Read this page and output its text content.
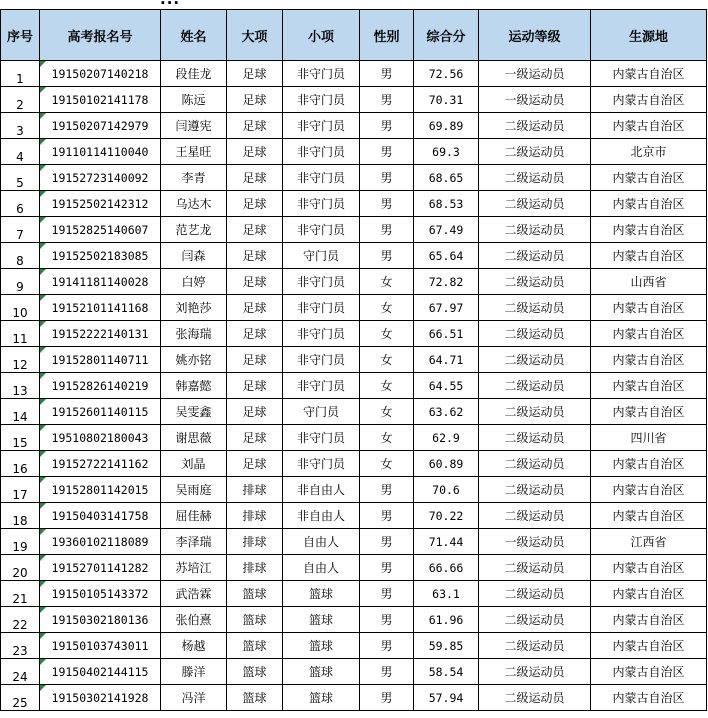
序号	高考报名号	姓名	大项	小项	性别	综合分	运动等级	生源地
1	19150207140218	段佳龙	足球	非守门员	男	72.56	一级运动员	内蒙古自治区
2	19150102141178	陈远	足球	非守门员	男	70.31	一级运动员	内蒙古自治区
3	19150207142979	闫遵宪	足球	非守门员	男	69.89	二级运动员	内蒙古自治区
4	19110114110040	王星旺	足球	非守门员	男	69.3	二级运动员	北京市
5	19152723140092	李青	足球	非守门员	男	68.65	二级运动员	内蒙古自治区
6	19152502142312	乌达木	足球	非守门员	男	68.53	二级运动员	内蒙古自治区
7	19152825140607	范艺龙	足球	非守门员	男	67.49	二级运动员	内蒙古自治区
8	19152502183085	闫森	足球	守门员	男	65.64	二级运动员	内蒙古自治区
9	19141181140028	白婷	足球	非守门员	女	72.82	二级运动员	山西省
10	19152101141168	刘艳莎	足球	非守门员	女	67.97	二级运动员	内蒙古自治区
11	19152222140131	张海瑞	足球	非守门员	女	66.51	二级运动员	内蒙古自治区
12	19152801140711	姚亦铭	足球	非守门员	女	64.71	二级运动员	内蒙古自治区
13	19152826140219	韩嘉懿	足球	非守门员	女	64.55	二级运动员	内蒙古自治区
14	19152601140115	吴雯鑫	足球	守门员	女	63.62	二级运动员	内蒙古自治区
15	19510802180043	谢思薇	足球	非守门员	女	62.9	二级运动员	四川省
16	19152722141162	刘晶	足球	非守门员	女	60.89	二级运动员	内蒙古自治区
17	19152801142015	吴雨庭	排球	非自由人	男	70.6	二级运动员	内蒙古自治区
18	19150403141758	屈佳赫	排球	非自由人	男	70.22	二级运动员	内蒙古自治区
19	19360102118089	李泽瑞	排球	自由人	男	71.44	一级运动员	江西省
20	19152701141282	苏培江	排球	自由人	男	66.66	二级运动员	内蒙古自治区
21	19150105143372	武浩霖	篮球	篮球	男	63.1	二级运动员	内蒙古自治区
22	19150302180136	张伯熹	篮球	篮球	男	61.96	二级运动员	内蒙古自治区
23	19150103743011	杨越	篮球	篮球	男	59.85	二级运动员	内蒙古自治区
24	19150402144115	滕洋	篮球	篮球	男	58.54	二级运动员	内蒙古自治区
25	19150302141928	冯洋	篮球	篮球	男	57.94	二级运动员	内蒙古自治区
